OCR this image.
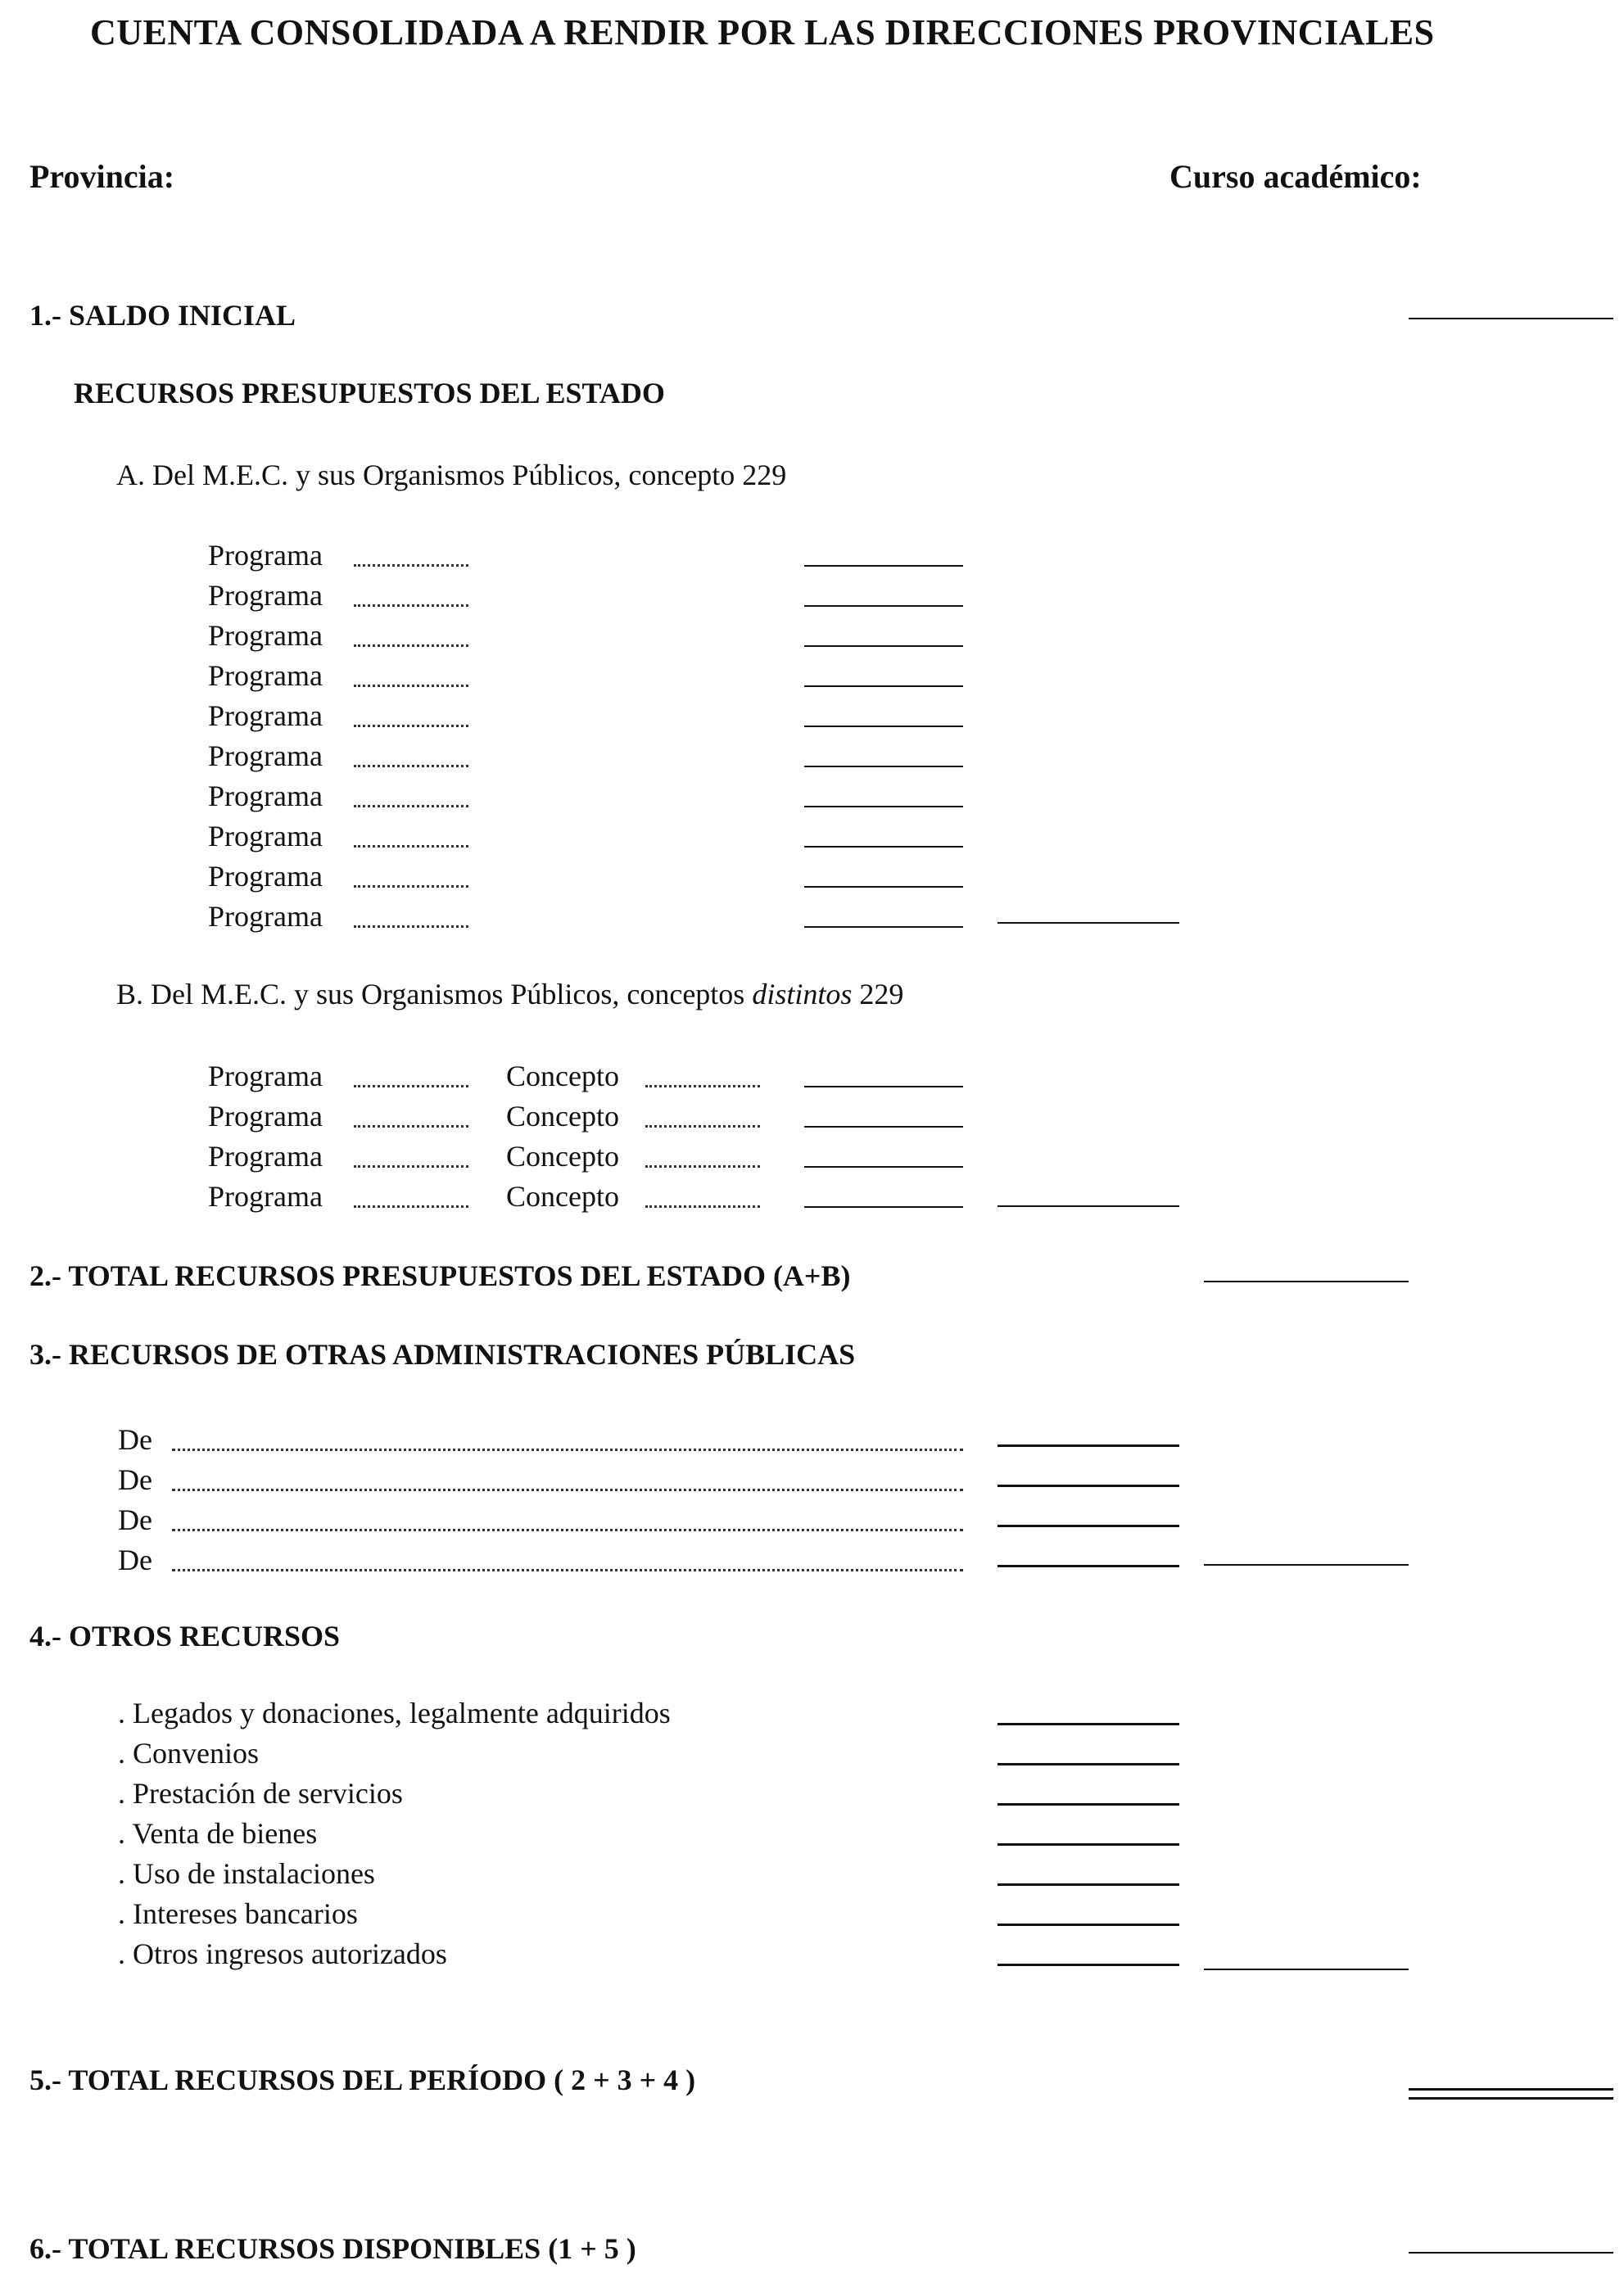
CUENTA CONSOLIDADA A RENDIR POR LAS DIRECCIONES PROVINCIALES
Provincia:	Curso académico:
1.- SALDO INICIAL
RECURSOS PRESUPUESTOS DEL ESTADO
A. Del M.E.C. y sus Organismos Públicos, concepto 229
Programa
Programa
Programa
Programa
Programa
Programa
Programa
Programa
Programa
Programa
B. Del M.E.C. y sus Organismos Públicos, conceptos distintos 229
Programa	Concepto
Programa	Concepto
Programa	Concepto
Programa	Concepto
2.- TOTAL RECURSOS PRESUPUESTOS DEL ESTADO (A+B)
3.- RECURSOS DE OTRAS ADMINISTRACIONES PÚBLICAS
De
De
De
De
4.- OTROS RECURSOS
. Legados y donaciones, legalmente adquiridos
. Convenios
. Prestación de servicios
. Venta de bienes
. Uso de instalaciones
. Intereses bancarios
. Otros ingresos autorizados
5.- TOTAL RECURSOS DEL PERÍODO ( 2 + 3 + 4 )
6.- TOTAL RECURSOS DISPONIBLES (1 + 5 )
